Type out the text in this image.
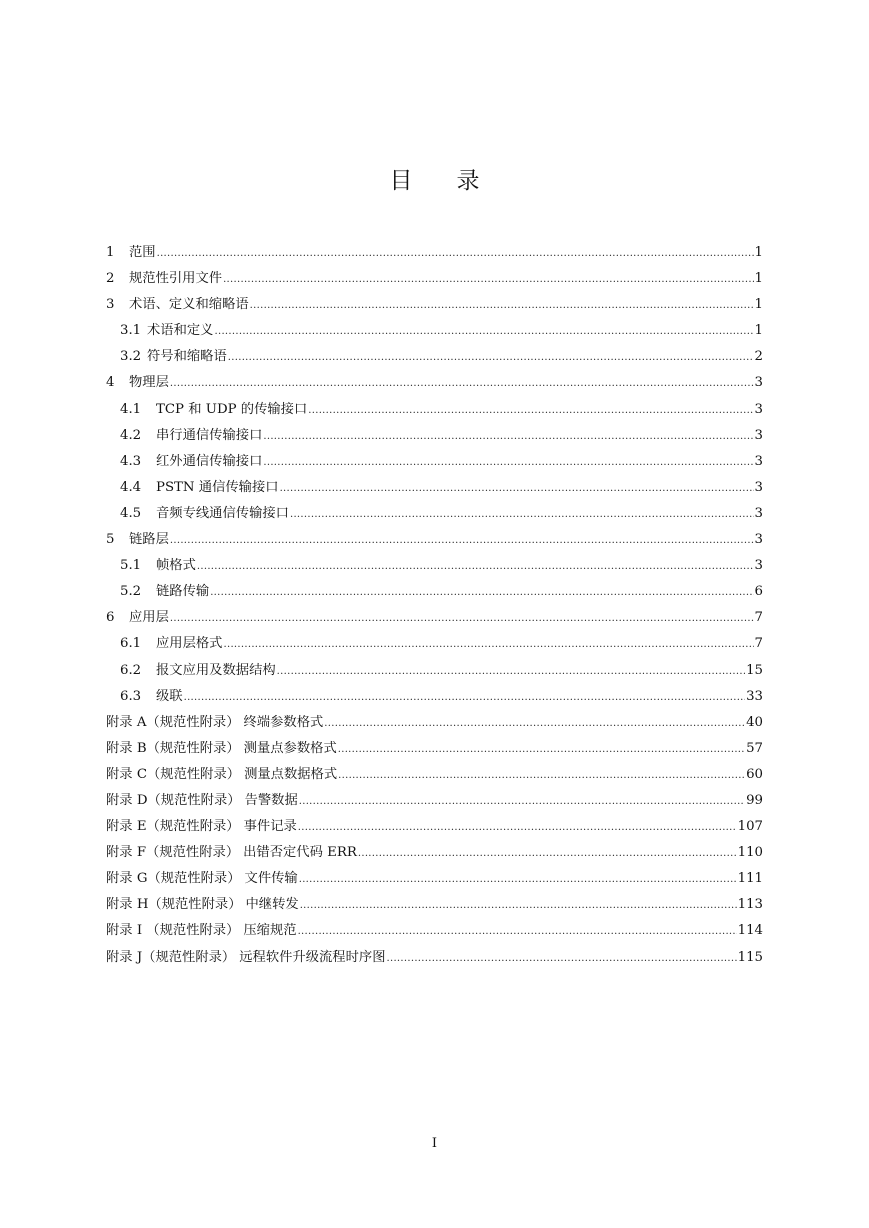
目录
1	范围 .....	1
2	规范性引用文件 .....	1
3	术语、定义和缩略语 .....	1
3.1 术语和定义 .....	1
3.2 符号和缩略语 .....	2
4	物理层 .....	3
4.1	TCP 和 UDP 的传输接口 .....	3
4.2	串行通信传输接口 .....	3
4.3	红外通信传输接口 .....	3
4.4	PSTN 通信传输接口 .....	3
4.5	音频专线通信传输接口 .....	3
5	链路层 .....	3
5.1	帧格式 .....	3
5.2	链路传输 .....	6
6	应用层 .....	7
6.1	应用层格式 .....	7
6.2	报文应用及数据结构 .....	15
6.3	级联 .....	33
附录 A（规范性附录） 终端参数格式 .....	40
附录 B（规范性附录） 测量点参数格式 .....	57
附录 C（规范性附录） 测量点数据格式 .....	60
附录 D（规范性附录） 告警数据 .....	99
附录 E（规范性附录） 事件记录 .....	107
附录 F（规范性附录） 出错否定代码 ERR .....	110
附录 G（规范性附录） 文件传输 .....	111
附录 H（规范性附录） 中继转发 .....	113
附录 I （规范性附录） 压缩规范 .....	114
附录 J（规范性附录） 远程软件升级流程时序图 .....	115
I
